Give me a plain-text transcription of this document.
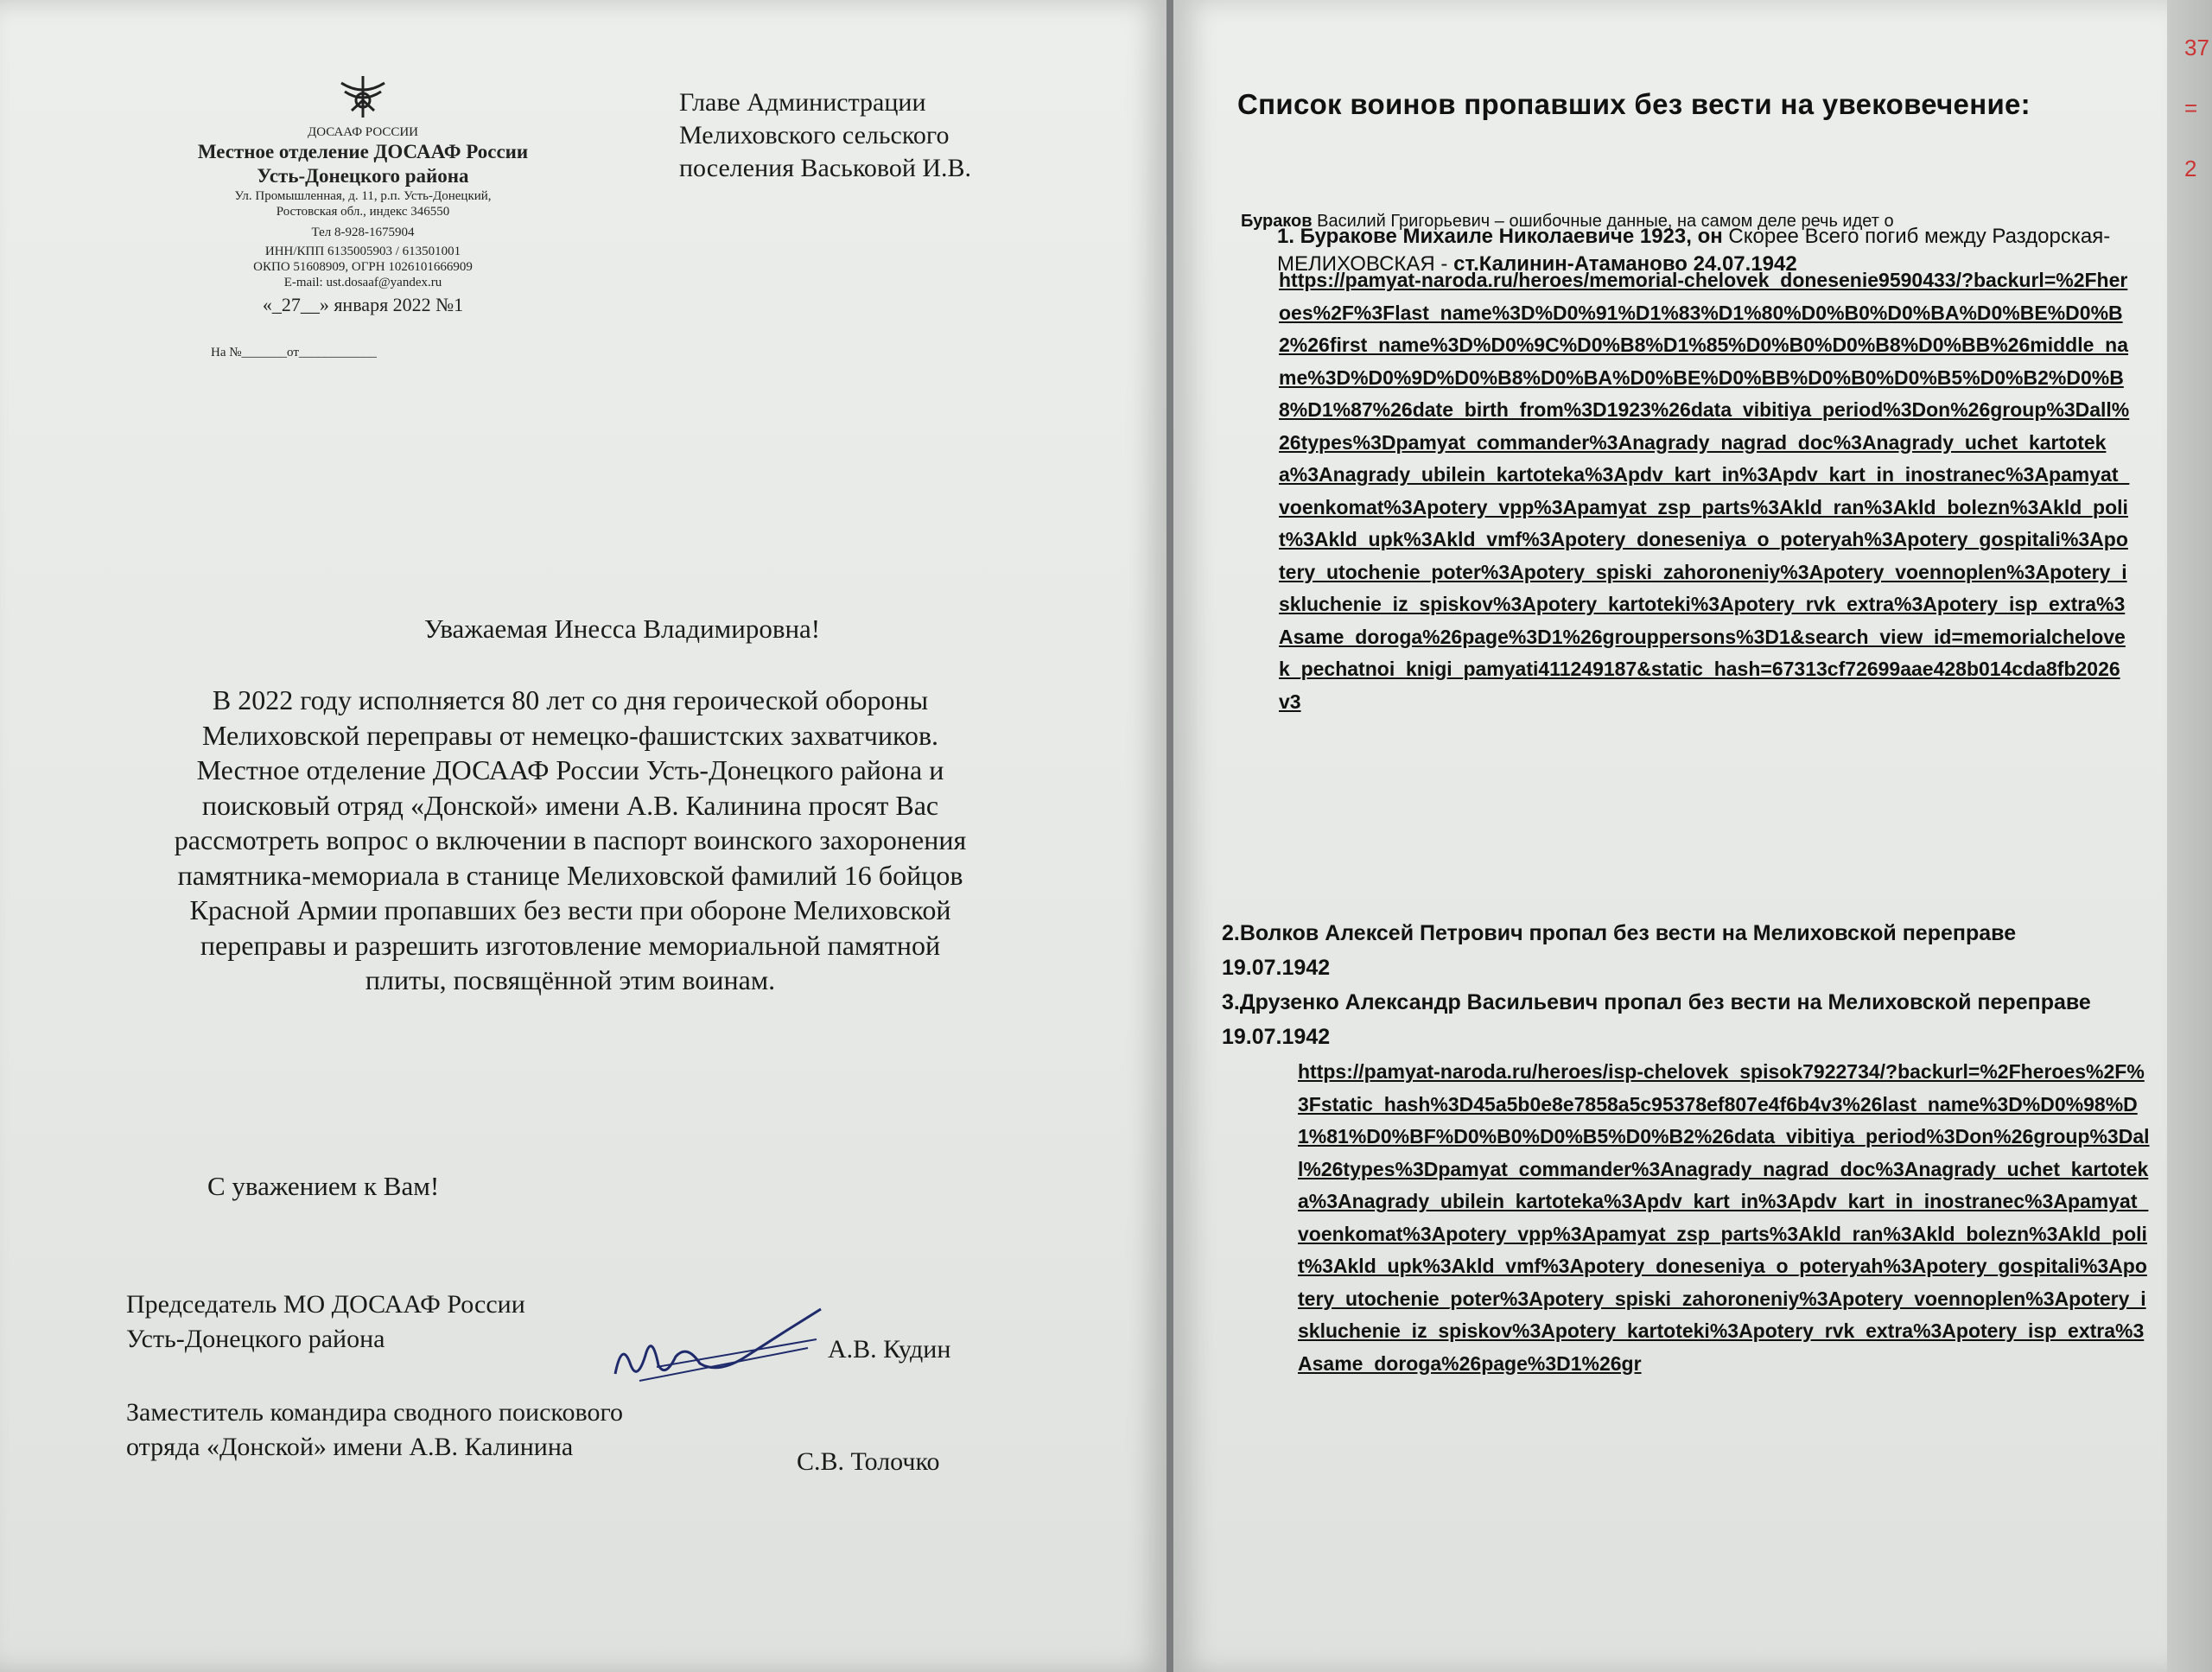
37
=
2
ДОСААФ РОССИИ
Местное отделение ДОСААФ России
Усть-Донецкого района
Ул. Промышленная, д. 11, р.п. Усть-Донецкий,
Ростовская обл., индекс 346550
Тел 8-928-1675904
ИНН/КПП 6135005903 / 613501001
ОКПО 51608909, ОГРН 1026101666909
E-mail: ust.dosaaf@yandex.ru
«_27__» января 2022 №1
На №_______от____________
Главе Администрации
Мелиховского сельского
поселения Васьковой И.В.
Уважаемая Инесса Владимировна!
В 2022 году исполняется 80 лет со дня героической обороны Мелиховской переправы от немецко-фашистских захватчиков. Местное отделение ДОСААФ России Усть-Донецкого района и поисковый отряд «Донской» имени А.В. Калинина просят Вас рассмотреть вопрос о включении в паспорт воинского захоронения памятника-мемориала в станице Мелиховской фамилий 16 бойцов Красной Армии пропавших без вести при обороне Мелиховской переправы и разрешить изготовление мемориальной памятной плиты, посвящённой этим воинам.
С уважением к Вам!
Председатель МО ДОСААФ России
Усть-Донецкого района	А.В. Кудин
Заместитель командира сводного поискового
отряда «Донской» имени А.В. Калинина
С.В. Толочко
Список воинов пропавших без вести на увековечение:
Бураков Василий Григорьевич – ошибочные данные, на самом деле речь идет о

1. Буракове Михаиле Николаевиче 1923, он Скорее Всего погиб между Раздорская-МЕЛИХОВСКАЯ - ст.Калинин-Атаманово 24.07.1942
https://pamyat-naroda.ru/heroes/memorial-chelovek_donesenie9590433/?backurl=%2Fheroes%2F%3Flast_name%3D%D0%91%D1%83%D1%80%D0%B0%D0%BA%D0%BE%D0%B2%26first_name%3D%D0%9C%D0%B8%D1%85%D0%B0%D0%B8%D0%BB%26middle_name%3D%D0%9D%D0%B8%D0%BA%D0%BE%D0%BB%D0%B0%D0%B5%D0%B2%D0%B8%D1%87%26date_birth_from%3D1923%26data_vibitiya_period%3Don%26group%3Dall%26types%3Dpamyat_commander%3Anagrady_nagrad_doc%3Anagrady_uchet_kartoteka%3Anagrady_ubilein_kartoteka%3Apdv_kart_in%3Apdv_kart_in_inostranec%3Apamyat_voenkomat%3Apotery_vpp%3Apamyat_zsp_parts%3Akld_ran%3Akld_bolezn%3Akld_polit%3Akld_upk%3Akld_vmf%3Apotery_doneseniya_o_poteryah%3Apotery_gospitali%3Apotery_utochenie_poter%3Apotery_spiski_zahoroneniy%3Apotery_voennoplen%3Apotery_iskluchenie_iz_spiskov%3Apotery_kartoteki%3Apotery_rvk_extra%3Apotery_isp_extra%3Asame_doroga%26page%3D1%26grouppersons%3D1&search_view_id=memorialchelovek_pechatnoi_knigi_pamyati411249187&static_hash=67313cf72699aae428b014cda8fb2026v3
2.Волков Алексей Петрович пропал без вести на Мелиховской переправе 19.07.1942
3.Друзенко Александр Васильевич пропал без вести на Мелиховской переправе 19.07.1942
https://pamyat-naroda.ru/heroes/isp-chelovek_spisok7922734/?backurl=%2Fheroes%2F%3Fstatic_hash%3D45a5b0e8e7858a5c95378ef807e4f6b4v3%26last_name%3D%D0%98%D1%81%D0%BF%D0%B0%D0%B5%D0%B2%26data_vibitiya_period%3Don%26group%3Dall%26types%3Dpamyat_commander%3Anagrady_nagrad_doc%3Anagrady_uchet_kartoteka%3Anagrady_ubilein_kartoteka%3Apdv_kart_in%3Apdv_kart_in_inostranec%3Apamyat_voenkomat%3Apotery_vpp%3Apamyat_zsp_parts%3Akld_ran%3Akld_bolezn%3Akld_polit%3Akld_upk%3Akld_vmf%3Apotery_doneseniya_o_poteryah%3Apotery_gospitali%3Apotery_utochenie_poter%3Apotery_spiski_zahoroneniy%3Apotery_voennoplen%3Apotery_iskluchenie_iz_spiskov%3Apotery_kartoteki%3Apotery_rvk_extra%3Apotery_isp_extra%3Asame_doroga%26page%3D1%26gr
